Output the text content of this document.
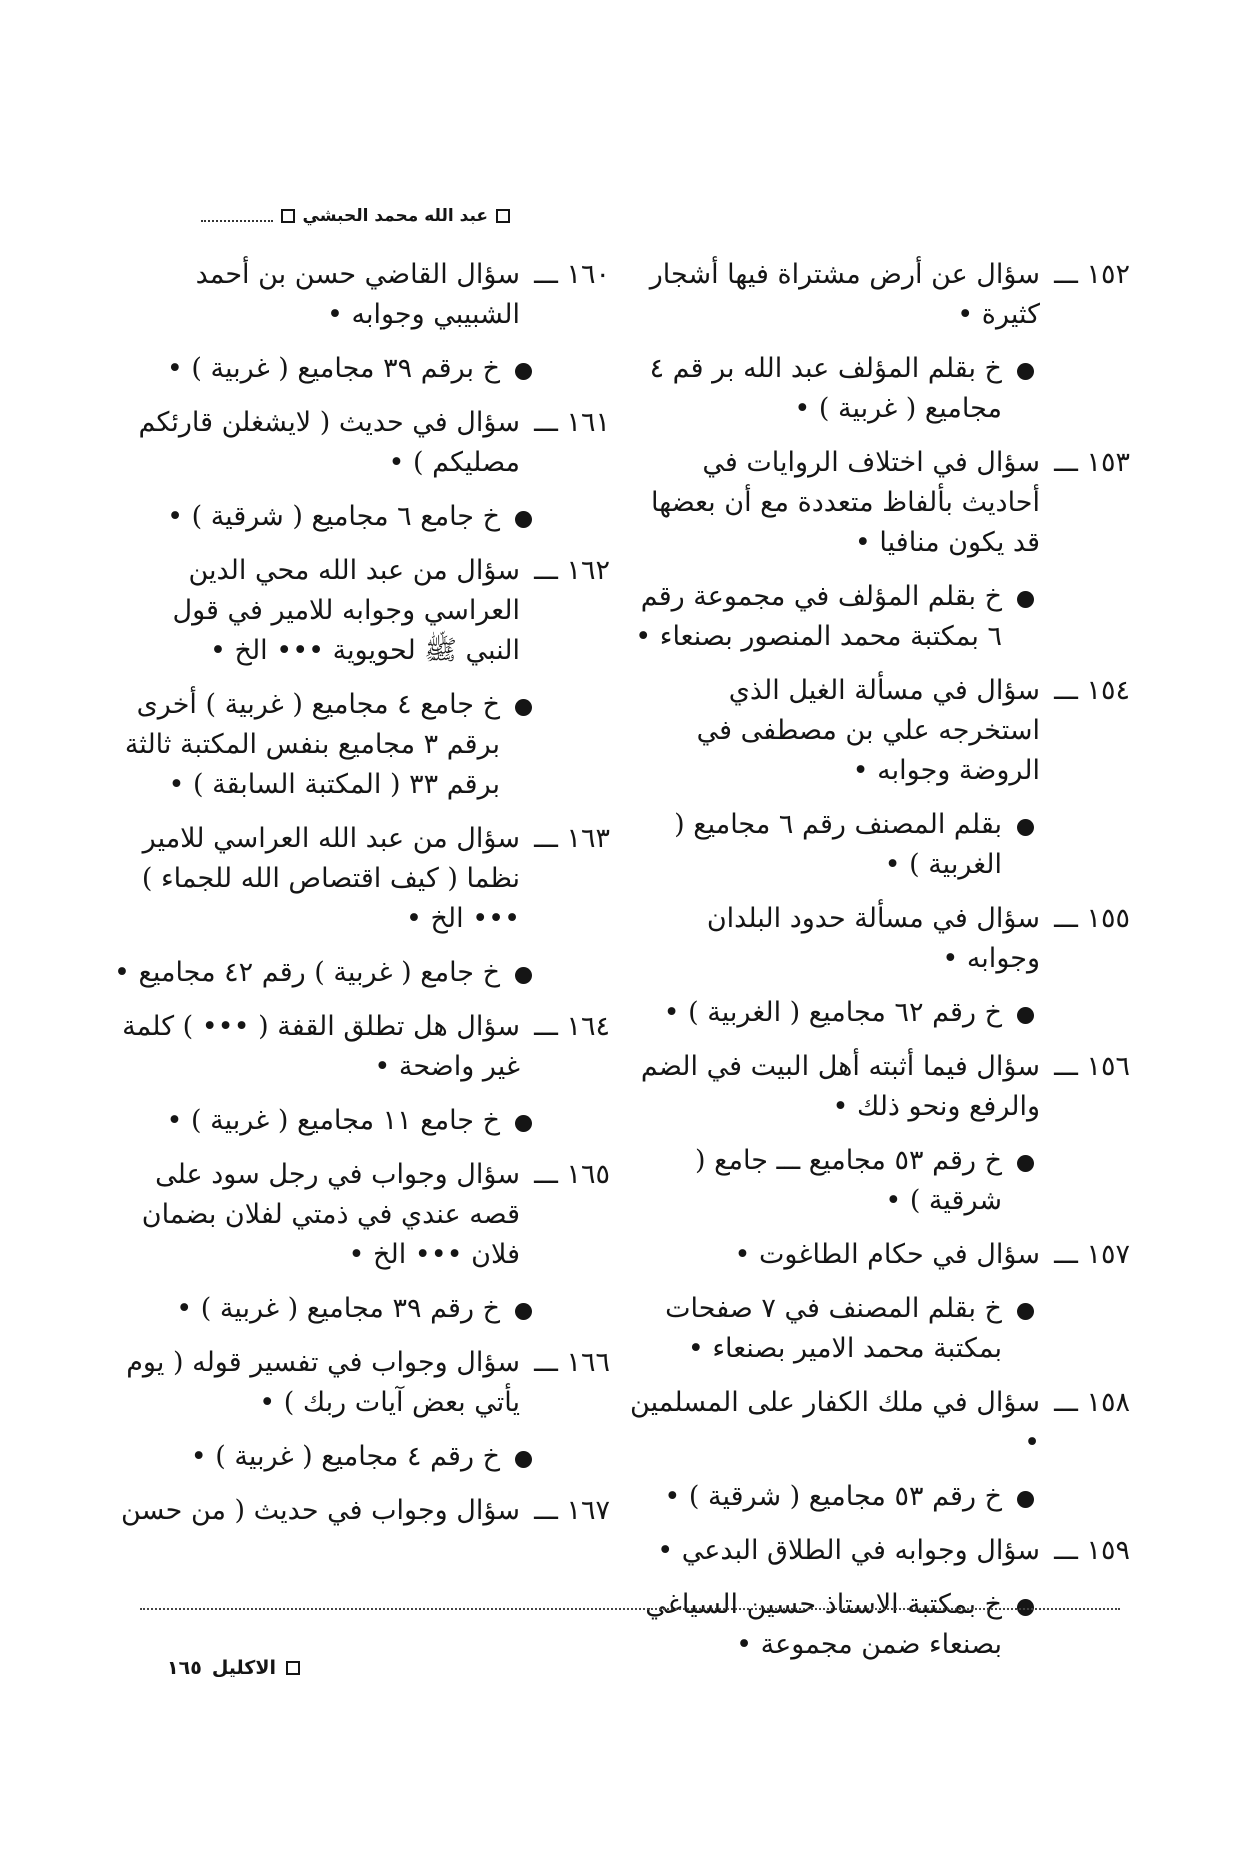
عبد الله محمد الحبشي
١٥٢ ـــ
سؤال عن أرض مشتراة فيها أشجار كثيرة •
خ بقلم المؤلف عبد الله بر قم ٤ مجاميع ( غربية ) •
١٥٣ ـــ
سؤال في اختلاف الروايات في أحاديث بألفاظ متعددة مع أن بعضها قد يكون منافيا •
خ بقلم المؤلف في مجموعة رقم ٦ بمكتبة محمد المنصور بصنعاء •
١٥٤ ـــ
سؤال في مسألة الغيل الذي استخرجه علي بن مصطفى في الروضة وجوابه •
بقلم المصنف رقم ٦ مجاميع ( الغربية ) •
١٥٥ ـــ
سؤال في مسألة حدود البلدان وجوابه •
خ رقم ٦٢ مجاميع ( الغربية ) •
١٥٦ ـــ
سؤال فيما أثبته أهل البيت في الضم والرفع ونحو ذلك •
خ رقم ٥٣ مجاميع ـــ جامع ( شرقية ) •
١٥٧ ـــ
سؤال في حكام الطاغوت •
خ بقلم المصنف في ٧ صفحات بمكتبة محمد الامير بصنعاء •
١٥٨ ـــ
سؤال في ملك الكفار على المسلمين •
خ رقم ٥٣ مجاميع ( شرقية ) •
١٥٩ ـــ
سؤال وجوابه في الطلاق البدعي •
خ بمكتبة الاستاذ حسين السياغي بصنعاء ضمن مجموعة •
١٦٠ ـــ
سؤال القاضي حسن بن أحمد الشبيبي وجوابه •
خ برقم ٣٩ مجاميع ( غربية ) •
١٦١ ـــ
سؤال في حديث ( لايشغلن قارئكم مصليكم ) •
خ جامع ٦ مجاميع ( شرقية ) •
١٦٢ ـــ
سؤال من عبد الله محي الدين العراسي وجوابه للامير في قول النبي ﷺ لحويوية ••• الخ •
خ جامع ٤ مجاميع ( غربية ) أخرى برقم ٣ مجاميع بنفس المكتبة ثالثة برقم ٣٣ ( المكتبة السابقة ) •
١٦٣ ـــ
سؤال من عبد الله العراسي للامير نظما ( كيف اقتصاص الله للجماء ) ••• الخ •
خ جامع ( غربية ) رقم ٤٢ مجاميع •
١٦٤ ـــ
سؤال هل تطلق القفة ( ••• ) كلمة غير واضحة •
خ جامع ١١ مجاميع ( غربية ) •
١٦٥ ـــ
سؤال وجواب في رجل سود على قصه عندي في ذمتي لفلان بضمان فلان ••• الخ •
خ رقم ٣٩ مجاميع ( غربية ) •
١٦٦ ـــ
سؤال وجواب في تفسير قوله ( يوم يأتي بعض آيات ربك ) •
خ رقم ٤ مجاميع ( غربية ) •
١٦٧ ـــ
سؤال وجواب في حديث ( من حسن
الاكليل
١٦٥
